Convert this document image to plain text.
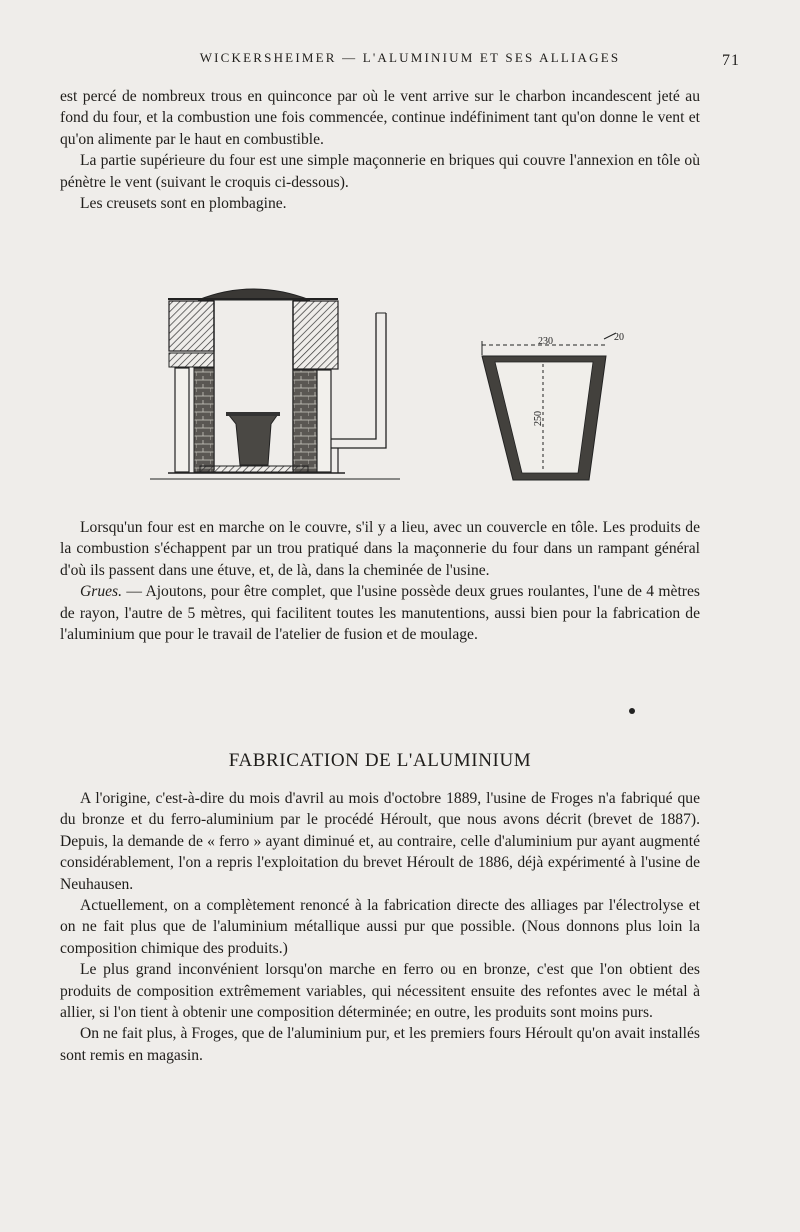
WICKERSHEIMER — L'ALUMINIUM ET SES ALLIAGES	71

est percé de nombreux trous en quinconce par où le vent arrive sur le charbon incandescent jeté au fond du four, et la combustion une fois commencée, continue indéfiniment tant qu'on donne le vent et qu'on alimente par le haut en combustible.

La partie supérieure du four est une simple maçonnerie en briques qui couvre l'annexion en tôle où pénètre le vent (suivant le croquis ci-dessous).

Les creusets sont en plombagine.

230	20
250

Lorsqu'un four est en marche on le couvre, s'il y a lieu, avec un couvercle en tôle. Les produits de la combustion s'échappent par un trou pratiqué dans la maçonnerie du four dans un rampant général d'où ils passent dans une étuve, et, de là, dans la cheminée de l'usine.

Grues. — Ajoutons, pour être complet, que l'usine possède deux grues roulantes, l'une de 4 mètres de rayon, l'autre de 5 mètres, qui facilitent toutes les manutentions, aussi bien pour la fabrication de l'aluminium que pour le travail de l'atelier de fusion et de moulage.

FABRICATION DE L'ALUMINIUM

A l'origine, c'est-à-dire du mois d'avril au mois d'octobre 1889, l'usine de Froges n'a fabriqué que du bronze et du ferro-aluminium par le procédé Héroult, que nous avons décrit (brevet de 1887). Depuis, la demande de « ferro » ayant diminué et, au contraire, celle d'aluminium pur ayant augmenté considérablement, l'on a repris l'exploitation du brevet Héroult de 1886, déjà expérimenté à l'usine de Neuhausen.

Actuellement, on a complètement renoncé à la fabrication directe des alliages par l'électrolyse et on ne fait plus que de l'aluminium métallique aussi pur que possible. (Nous donnons plus loin la composition chimique des produits.)

Le plus grand inconvénient lorsqu'on marche en ferro ou en bronze, c'est que l'on obtient des produits de composition extrêmement variables, qui nécessitent ensuite des refontes avec le métal à allier, si l'on tient à obtenir une composition déterminée; en outre, les produits sont moins purs.

On ne fait plus, à Froges, que de l'aluminium pur, et les premiers fours Héroult qu'on avait installés sont remis en magasin.
